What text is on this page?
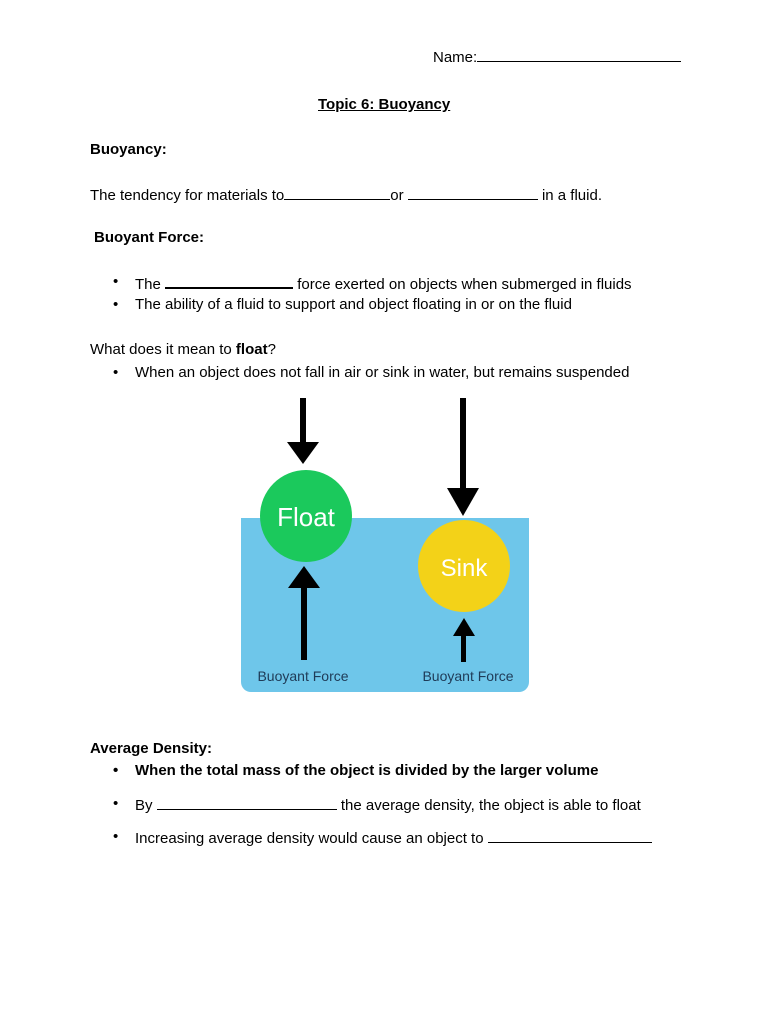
Name:
Topic 6: Buoyancy
Buoyancy:
The tendency for materials to	or	in a fluid.
Buoyant Force:
• The	force exerted on objects when submerged in fluids
• The ability of a fluid to support and object floating in or on the fluid
What does it mean to float?
• When an object does not fall in air or sink in water, but remains suspended
Float
Buoyant Force
Sink
Buoyant Force
Average Density:
• When the total mass of the object is divided by the larger volume
• By	the average density, the object is able to float
• Increasing average density would cause an object to
